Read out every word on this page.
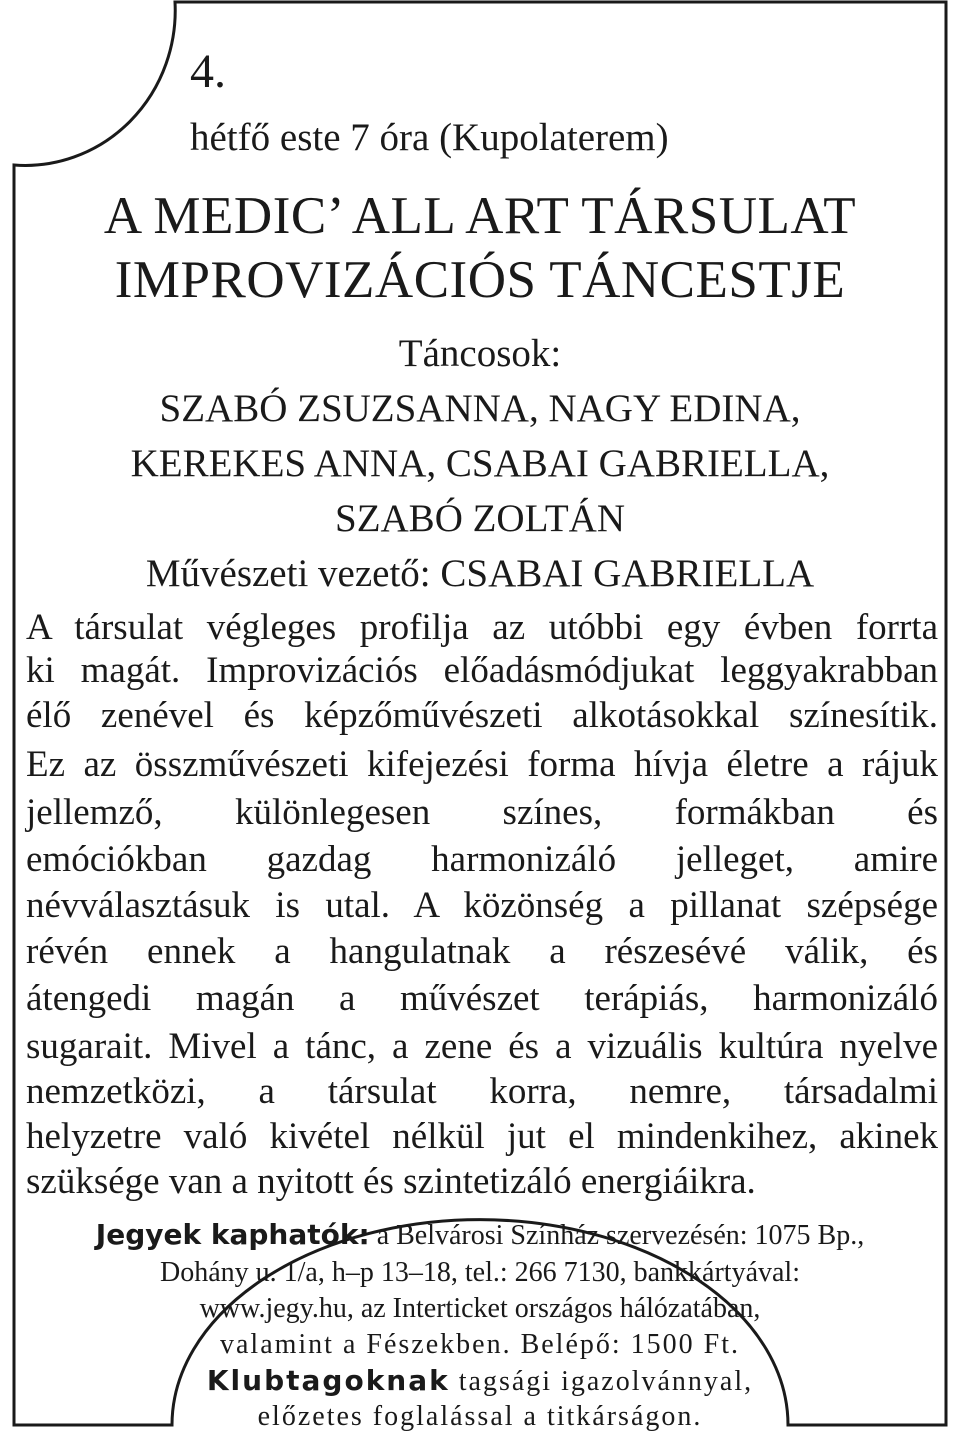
4.
hétfő este 7 óra (Kupolaterem)
A MEDIC’ ALL ART TÁRSULAT
IMPROVIZÁCIÓS TÁNCESTJE
Táncosok:
SZABÓ ZSUZSANNA, NAGY EDINA,
KEREKES ANNA, CSABAI GABRIELLA,
SZABÓ ZOLTÁN
Művészeti vezető: CSABAI GABRIELLA
A társulat végleges profilja az utóbbi egy évben forrta
ki magát. Improvizációs előadásmódjukat leggyakrabban
élő zenével és képzőművészeti alkotásokkal színesítik.
Ez az összművészeti kifejezési forma hívja életre a rájuk
jellemző, különlegesen színes, formákban és
emóciókban gazdag harmonizáló jelleget, amire
névválasztásuk is utal. A közönség a pillanat szépsége
révén ennek a hangulatnak a részesévé válik, és
átengedi magán a művészet terápiás, harmonizáló
sugarait. Mivel a tánc, a zene és a vizuális kultúra nyelve
nemzetközi, a társulat korra, nemre, társadalmi
helyzetre való kivétel nélkül jut el mindenkihez, akinek
szüksége van a nyitott és szintetizáló energiáikra.
Jegyek kaphatók: a Belvárosi Színház szervezésén: 1075 Bp.,
Dohány u. 1/a, h–p 13–18, tel.: 266 7130, bankkártyával:
www.jegy.hu, az Interticket országos hálózatában,
valamint a Fészekben. Belépő: 1500 Ft.
Klubtagoknak tagsági igazolvánnyal,
előzetes foglalással a titkárságon.
